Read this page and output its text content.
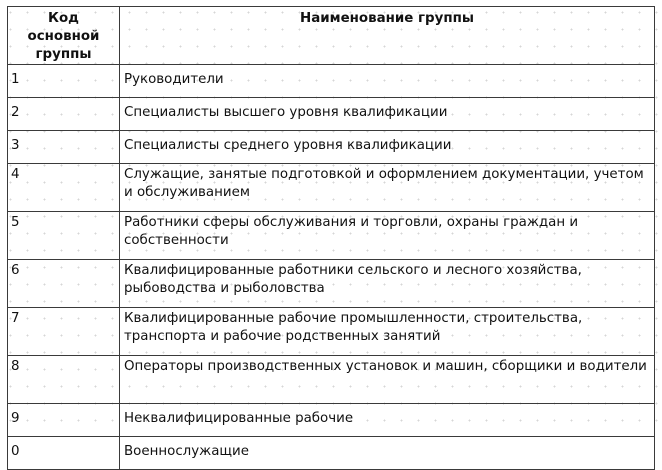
Код основной группы	Наименование группы
1	Руководители
2	Специалисты высшего уровня квалификации
3	Специалисты среднего уровня квалификации
4	Служащие, занятые подготовкой и оформлением документации, учетом и обслуживанием
5	Работники сферы обслуживания и торговли, охраны граждан и собственности
6	Квалифицированные работники сельского и лесного хозяйства, рыбоводства и рыболовства
7	Квалифицированные рабочие промышленности, строительства, транспорта и рабочие родственных занятий
8	Операторы производственных установок и машин, сборщики и водители
9	Неквалифицированные рабочие
0	Военнослужащие
